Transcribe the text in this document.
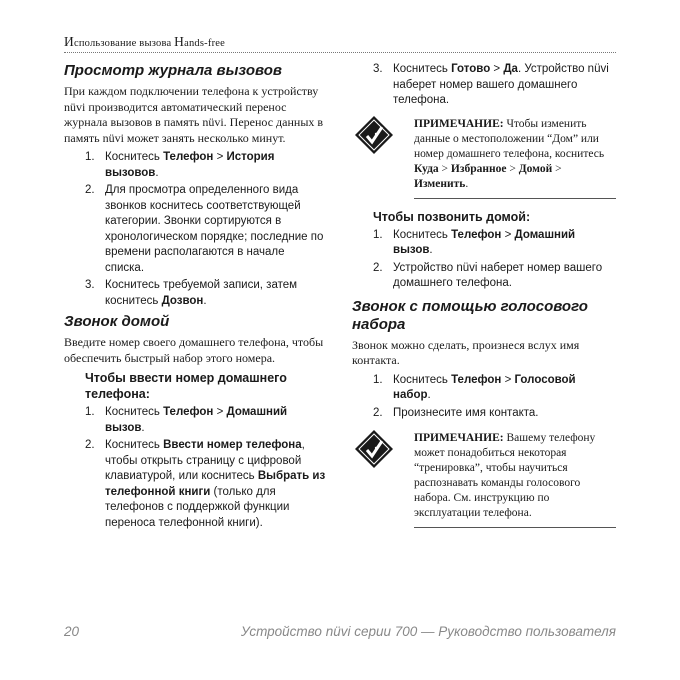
Использование вызова Hands-free
Просмотр журнала вызовов

При каждом подключении телефона к устройству nüvi производится автоматический перенос журнала вызовов в память nüvi. Перенос данных в память nüvi может занять несколько минут.

1. Коснитесь Телефон > История вызовов.
2. Для просмотра определенного вида звонков коснитесь соответствующей категории. Звонки сортируются в хронологическом порядке; последние по времени располагаются в начале списка.
3. Коснитесь требуемой записи, затем коснитесь Дозвон.
Звонок домой

Введите номер своего домашнего телефона, чтобы обеспечить быстрый набор этого номера.

Чтобы ввести номер домашнего телефона:
1. Коснитесь Телефон > Домашний вызов.
2. Коснитесь Ввести номер телефона, чтобы открыть страницу с цифровой клавиатурой, или коснитесь Выбрать из телефонной книги (только для телефонов с поддержкой функции переноса телефонной книги).
3. Коснитесь Готово > Да. Устройство nüvi наберет номер вашего домашнего телефона.
ПРИМЕЧАНИЕ: Чтобы изменить данные о местоположении “Дом” или номер домашнего телефона, коснитесь Куда > Избранное > Домой > Изменить.
Чтобы позвонить домой:
1. Коснитесь Телефон > Домашний вызов.
2. Устройство nüvi наберет номер вашего домашнего телефона.
Звонок с помощью голосового набора

Звонок можно сделать, произнеся вслух имя контакта.

1. Коснитесь Телефон > Голосовой набор.
2. Произнесите имя контакта.
ПРИМЕЧАНИЕ: Вашему телефону может понадобиться некоторая “тренировка”, чтобы научиться распознавать команды голосового набора. См. инструкцию по эксплуатации телефона.
20	Устройство nüvi серии 700 — Руководство пользователя
